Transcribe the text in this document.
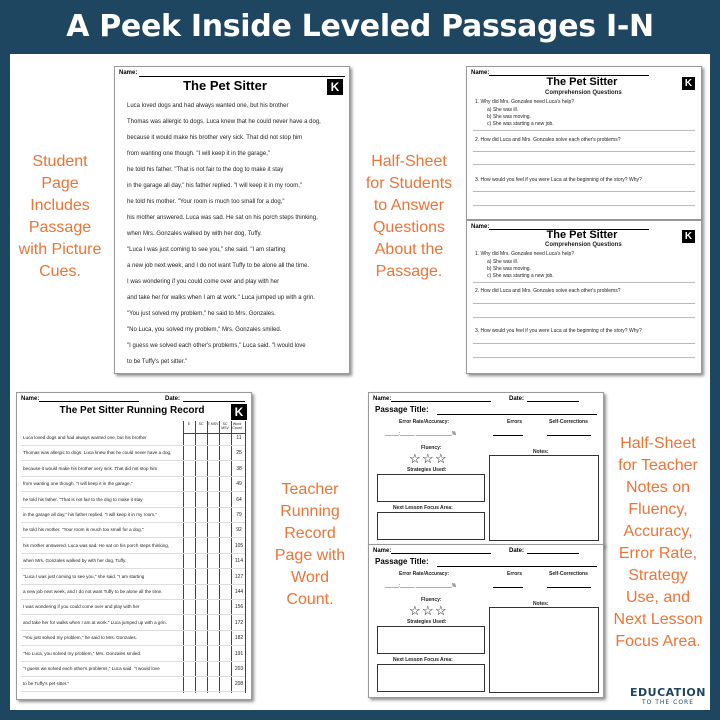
A Peek Inside Leveled Passages I-N
Name:
The Pet Sitter	K
Luca loved dogs and had always wanted one, but his brother
Thomas was allergic to dogs. Luca knew that he could never have a dog,
because it would make his brother very sick. That did not stop him
from wanting one though. "I will keep it in the garage,"
he told his father. "That is not fair to the dog to make it stay
in the garage all day," his father replied. "I will keep it in my room,"
he told his mother. "Your room is much too small for a dog,"
his mother answered. Luca was sad. He sat on his porch steps thinking,
when Mrs. Gonzales walked by with her dog, Tuffy.
"Luca I was just coming to see you," she said. "I am starting
a new job next week, and I do not want Tuffy to be alone all the time.
I was wondering if you could come over and play with her
and take her for walks when I am at work." Luca jumped up with a grin.
"You just solved my problem," he said to Mrs. Gonzales.
"No Luca, you solved my problem," Mrs. Gonzales smiled.
"I guess we solved each other's problems," Luca said. "I would love
to be Tuffy's pet sitter."
Name:
The Pet Sitter	K
Comprehension Questions
1. Why did Mrs. Gonzales need Luca's help?
a) She was ill.
b) She was moving.
c) She was starting a new job.
2. How did Luca and Mrs. Gonzales solve each other's problems?
3. How would you feel if you were Luca at the beginning of the story? Why?
Name:
The Pet Sitter	K
Comprehension Questions
1. Why did Mrs. Gonzales need Luca's help?
a) She was ill.
b) She was moving.
c) She was starting a new job.
2. How did Luca and Mrs. Gonzales solve each other's problems?
3. How would you feel if you were Luca at the beginning of the story? Why?
Name:	Date:
The Pet Sitter Running Record	K
E	SC	E MSV	SC MSV
Word Count
Luca loved dogs and had always wanted one, but his brother	11
Thomas was allergic to dogs. Luca knew that he could never have a dog,	25
because it would make his brother very sick. That did not stop him	38
from wanting one though. "I will keep it in the garage,"	49
he told his father. "That is not fair to the dog to make it stay	64
in the garage all day," his father replied. "I will keep it in my room,"	79
he told his mother. "Your room is much too small for a dog,"	92
his mother answered. Luca was sad. He sat on his porch steps thinking,	105
when Mrs. Gonzales walked by with her dog, Tuffy.	114
"Luca I was just coming to see you," she said. "I am starting	127
a new job next week, and I do not want Tuffy to be alone all the time.	144
I was wondering if you could come over and play with her	156
and take her for walks when I am at work." Luca jumped up with a grin.	172
"You just solved my problem," he said to Mrs. Gonzales.	182
"No Luca, you solved my problem," Mrs. Gonzales smiled.	191
"I guess we solved each other's problems," Luca said. "I would love	203
to be Tuffy's pet sitter."	208
Name:	Date:
Passage Title:
Error Rate/Accuracy:	Errors	Self-Corrections
_____:_____ _____________%
Fluency:
☆ ☆ ☆
Strategies Used:
Next Lesson Focus Area:
Notes:
Name:	Date:
Passage Title:
Error Rate/Accuracy:	Errors	Self-Corrections
_____:_____ _____________%
Fluency:
☆ ☆ ☆
Strategies Used:
Next Lesson Focus Area:
Notes:
Student
Page
Includes
Passage
with Picture
Cues.
Half-Sheet
for Students
to Answer
Questions
About the
Passage.
Teacher
Running
Record
Page with
Word
Count.
Half-Sheet
for Teacher
Notes on
Fluency,
Accuracy,
Error Rate,
Strategy
Use, and
Next Lesson
Focus Area.
EDUCATION
TO THE CORE
